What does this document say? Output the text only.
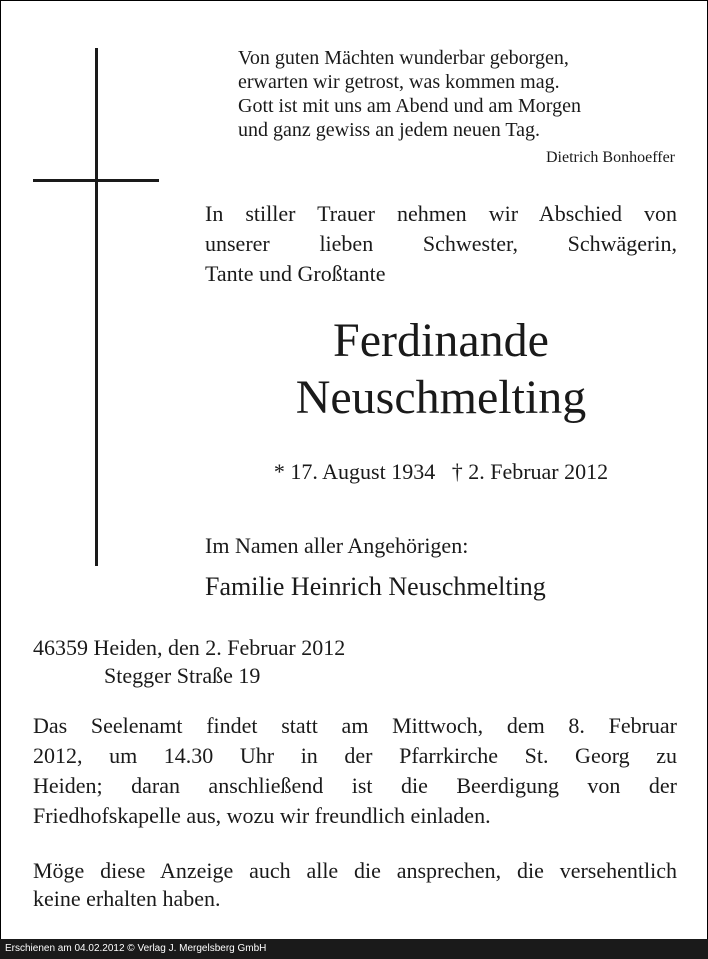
Von guten Mächten wunderbar geborgen,
erwarten wir getrost, was kommen mag.
Gott ist mit uns am Abend und am Morgen
und ganz gewiss an jedem neuen Tag.
Dietrich Bonhoeffer
In stiller Trauer nehmen wir Abschied von
unserer lieben Schwester, Schwägerin,
Tante und Großtante
Ferdinande
Neuschmelting
* 17. August 1934   † 2. Februar 2012
Im Namen aller Angehörigen:
Familie Heinrich Neuschmelting
46359 Heiden, den 2. Februar 2012
Stegger Straße 19
Das Seelenamt findet statt am Mittwoch, dem 8. Februar
2012, um 14.30 Uhr in der Pfarrkirche St. Georg zu
Heiden; daran anschließend ist die Beerdigung von der
Friedhofskapelle aus, wozu wir freundlich einladen.
Möge diese Anzeige auch alle die ansprechen, die versehentlich
keine erhalten haben.
Erschienen am 04.02.2012 © Verlag J. Mergelsberg GmbH
